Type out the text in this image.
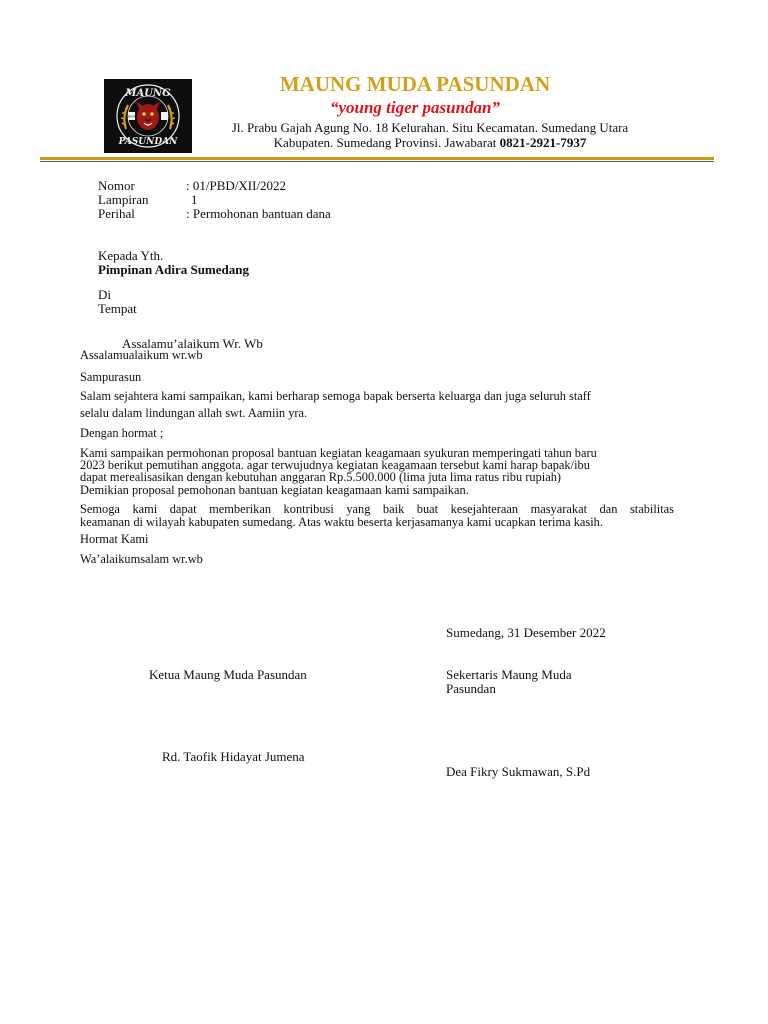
MAUNG
PASUNDAN
MUDA
MAUNG MUDA PASUNDAN
“young tiger pasundan”
Jl. Prabu Gajah Agung No. 18 Kelurahan. Situ Kecamatan. Sumedang Utara
Kabupaten. Sumedang Provinsi. Jawabarat 0821-2921-7937
Nomor	: 01/PBD/XII/2022
Lampiran	1
Perihal	: Permohonan bantuan dana
Kepada Yth.
Pimpinan Adira Sumedang
Di
Tempat
Assalamu’alaikum Wr. Wb
Assalamualaikum wr.wb
Sampurasun
Salam sejahtera kami sampaikan, kami berharap semoga bapak berserta keluarga dan juga seluruh staff
selalu dalam lindungan allah swt. Aamiin yra.
Dengan hormat ;
Kami sampaikan permohonan proposal bantuan kegiatan keagamaan syukuran memperingati tahun baru
2023 berikut pemutihan anggota. agar terwujudnya kegiatan keagamaan tersebut kami harap bapak/ibu
dapat merealisasikan dengan kebutuhan anggaran Rp.5.500.000 (lima juta lima ratus ribu rupiah)
Demikian proposal pemohonan bantuan kegiatan keagamaan kami sampaikan.
Semoga kami dapat memberikan kontribusi yang baik buat kesejahteraan masyarakat dan stabilitas
keamanan di wilayah kabupaten sumedang. Atas waktu beserta kerjasamanya kami ucapkan terima kasih.
Hormat Kami
Wa’alaikumsalam wr.wb
Sumedang, 31 Desember 2022
Ketua Maung Muda Pasundan	Sekertaris Maung Muda
Pasundan
Rd. Taofik Hidayat Jumena
Dea Fikry Sukmawan, S.Pd
